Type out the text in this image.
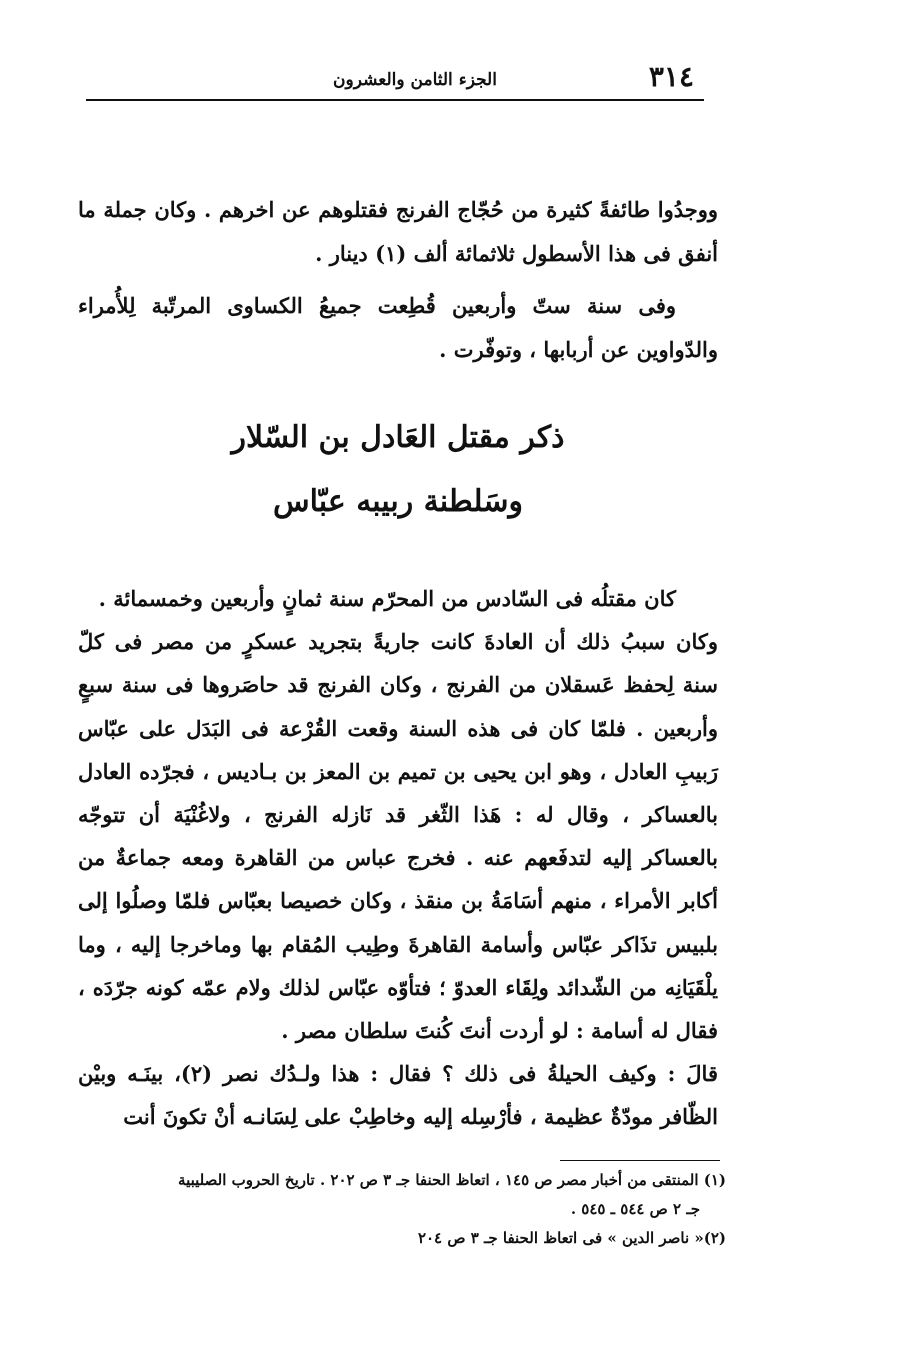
٣١٤
الجزء الثامن والعشرون

ووجدُوا طائفةً كثيرة من حُجّاج الفرنج فقتلوهم عن اخرهم . وكان جملة ما أنفق فى هذا الأسطول ثلاثمائة ألف (١) دينار .

وفى سنة ستّ وأربعين قُطِعت جميعُ الكساوى المرتّبة لِلأُمراء والدّواوين عن أربابها ، وتوفّرت .

ذكر مقتل العَادل بن السّلار
وسَلطنة ربيبه عبّاس

كان مقتلُه فى السّادس من المحرّم سنة ثمانٍ وأربعين وخمسمائة .

وكان سببُ ذلك أن العادةَ كانت جاريةً بتجريد عسكرٍ من مصر فى كلّ سنة لِحفظ عَسقلان من الفرنج ، وكان الفرنج قد حاصَروها فى سنة سبعٍ وأربعين . فلمّا كان فى هذه السنة وقعت القُرْعة فى البَدَل على عبّاس رَبيبِ العادل ، وهو ابن يحيى بن تميم بن المعز بن بـاديس ، فجرّده العادل بالعساكر ، وقال له : هَذا الثّغر قد نَازله الفرنج ، ولاغُنْيَة أن تتوجّه بالعساكر إليه لتدفَعهم عنه . فخرج عباس من القاهرة ومعه جماعةٌ من أكابر الأمراء ، منهم أسَامَةُ بن منقذ ، وكان خصيصا بعبّاس فلمّا وصلُوا إلى بلبيس تذَاكر عبّاس وأسامة القاهرةَ وطِيب المُقام بها وماخرجا إليه ، وما يلْقَيَانِه من الشّدائد ولِقَاء العدوّ ؛ فتأوّه عبّاس لذلك ولام عمّه كونه جرّدَه ، فقال له أسامة : لو أردت أنتَ كُنتَ سلطان مصر .

قالَ : وكيف الحيلةُ فى ذلك ؟ فقال : هذا ولـدُك نصر (٢)، بينَـه وبيْن الظّافر مودّةٌ عظيمة ، فأرْسِله إليه وخاطِبْ على لِسَانـه أنْ تكونَ أنت

(١) المنتقى من أخبار مصر ص ١٤٥ ، اتعاظ الحنفا جـ ٣ ص ٢٠٢ . تاريخ الحروب الصليبية

جـ ٢ ص ٥٤٤ ـ ٥٤٥ .

(٢)« ناصر الدين » فى اتعاظ الحنفا جـ ٣ ص ٢٠٤
